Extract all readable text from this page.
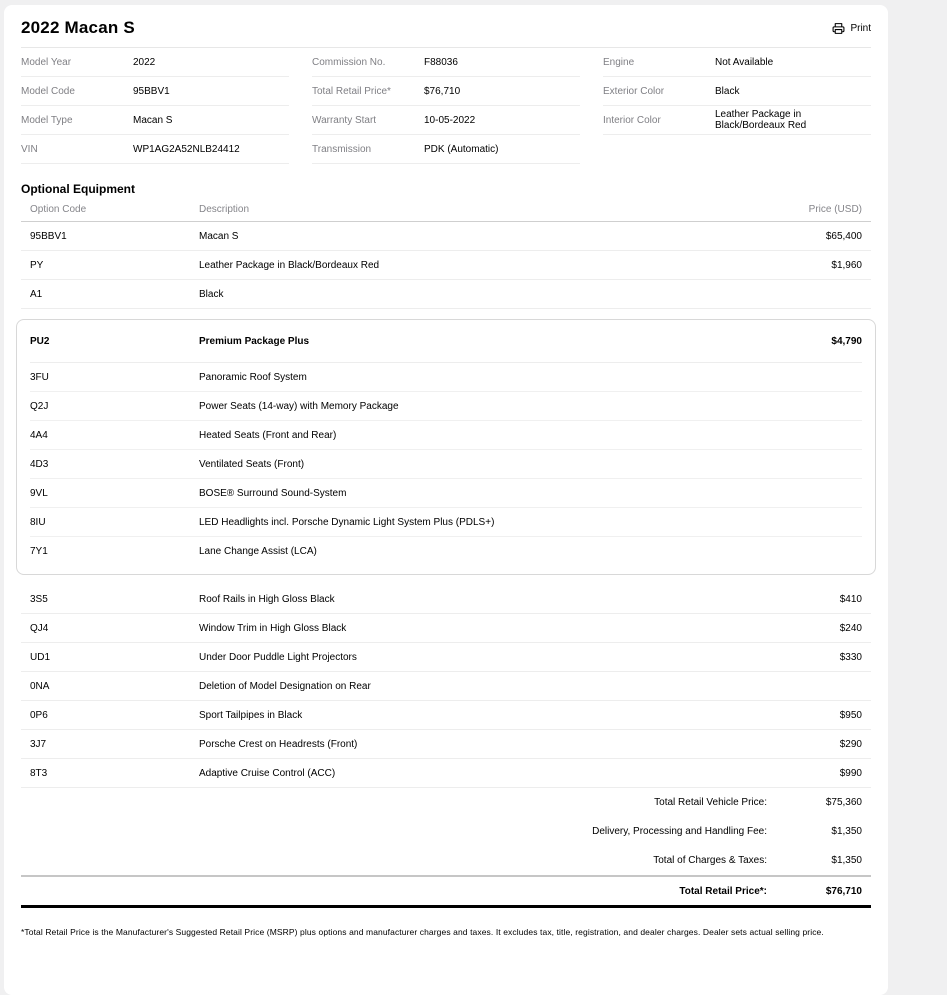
2022 Macan S	Print
Model Year	2022
Model Code	95BBV1
Model Type	Macan S
VIN	WP1AG2A52NLB24412
Commission No.	F88036
Total Retail Price*	$76,710
Warranty Start	10-05-2022
Transmission	PDK (Automatic)
Engine	Not Available
Exterior Color	Black
Interior Color	Leather Package in Black/Bordeaux Red
Optional Equipment
Option Code	Description	Price (USD)
95BBV1	Macan S	$65,400
PY	Leather Package in Black/Bordeaux Red	$1,960
A1	Black
PU2	Premium Package Plus	$4,790
3FU	Panoramic Roof System
Q2J	Power Seats (14-way) with Memory Package
4A4	Heated Seats (Front and Rear)
4D3	Ventilated Seats (Front)
9VL	BOSE® Surround Sound-System
8IU	LED Headlights incl. Porsche Dynamic Light System Plus (PDLS+)
7Y1	Lane Change Assist (LCA)
3S5	Roof Rails in High Gloss Black	$410
QJ4	Window Trim in High Gloss Black	$240
UD1	Under Door Puddle Light Projectors	$330
0NA	Deletion of Model Designation on Rear
0P6	Sport Tailpipes in Black	$950
3J7	Porsche Crest on Headrests (Front)	$290
8T3	Adaptive Cruise Control (ACC)	$990
Total Retail Vehicle Price:	$75,360
Delivery, Processing and Handling Fee:	$1,350
Total of Charges & Taxes:	$1,350
Total Retail Price*:	$76,710
*Total Retail Price is the Manufacturer's Suggested Retail Price (MSRP) plus options and manufacturer charges and taxes. It excludes tax, title, registration, and dealer charges. Dealer sets actual selling price.
